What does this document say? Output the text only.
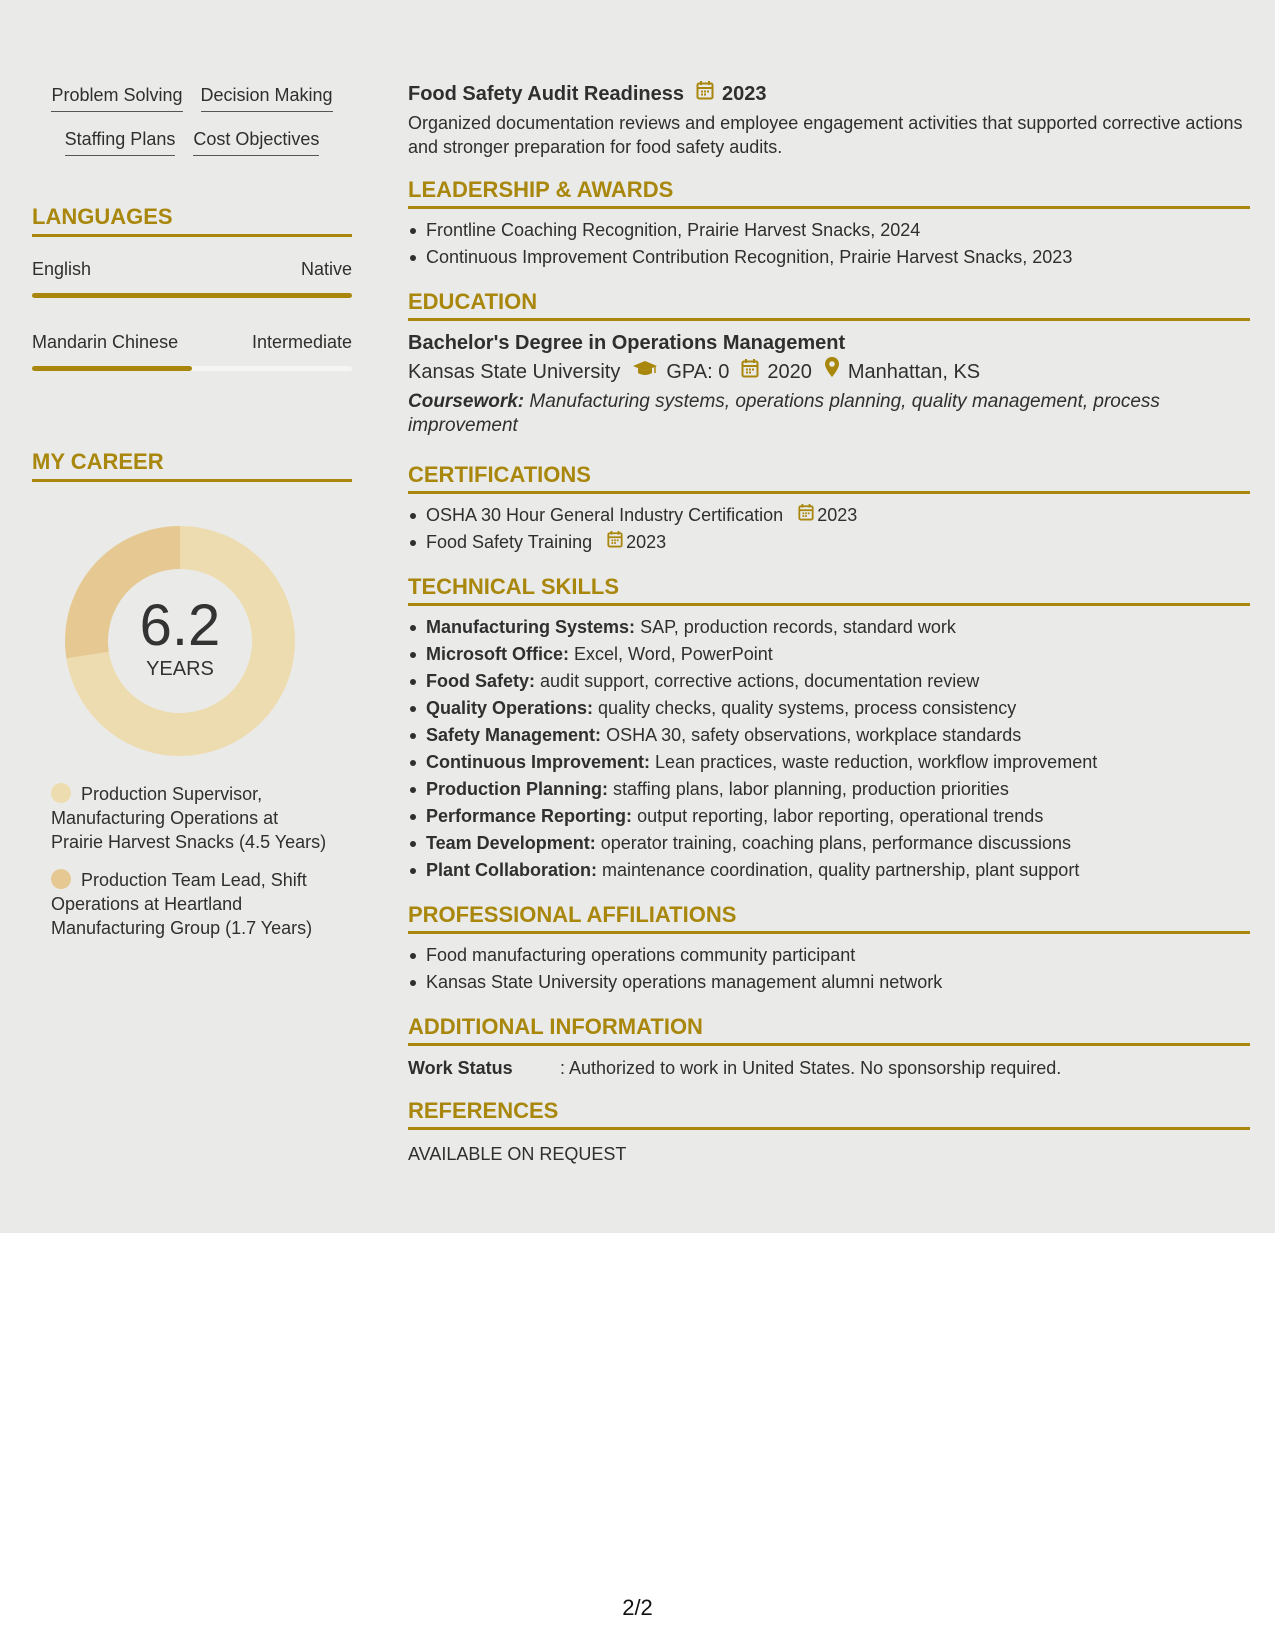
Problem Solving Decision Making
Staffing Plans Cost Objectives
LANGUAGES
English	Native
Mandarin Chinese	Intermediate
MY CAREER
6.2
YEARS
Production Supervisor, Manufacturing Operations at Prairie Harvest Snacks (4.5 Years)
Production Team Lead, Shift Operations at Heartland Manufacturing Group (1.7 Years)
Food Safety Audit Readiness 2023
Organized documentation reviews and employee engagement activities that supported corrective actions and stronger preparation for food safety audits.
LEADERSHIP & AWARDS
Frontline Coaching Recognition, Prairie Harvest Snacks, 2024
Continuous Improvement Contribution Recognition, Prairie Harvest Snacks, 2023
EDUCATION
Bachelor's Degree in Operations Management
Kansas State University GPA: 0 2020 Manhattan, KS
Coursework: Manufacturing systems, operations planning, quality management, process improvement
CERTIFICATIONS
OSHA 30 Hour General Industry Certification 2023
Food Safety Training 2023
TECHNICAL SKILLS
Manufacturing Systems: SAP, production records, standard work
Microsoft Office: Excel, Word, PowerPoint
Food Safety: audit support, corrective actions, documentation review
Quality Operations: quality checks, quality systems, process consistency
Safety Management: OSHA 30, safety observations, workplace standards
Continuous Improvement: Lean practices, waste reduction, workflow improvement
Production Planning: staffing plans, labor planning, production priorities
Performance Reporting: output reporting, labor reporting, operational trends
Team Development: operator training, coaching plans, performance discussions
Plant Collaboration: maintenance coordination, quality partnership, plant support
PROFESSIONAL AFFILIATIONS
Food manufacturing operations community participant
Kansas State University operations management alumni network
ADDITIONAL INFORMATION
Work Status	: Authorized to work in United States. No sponsorship required.
REFERENCES
AVAILABLE ON REQUEST
2/2
